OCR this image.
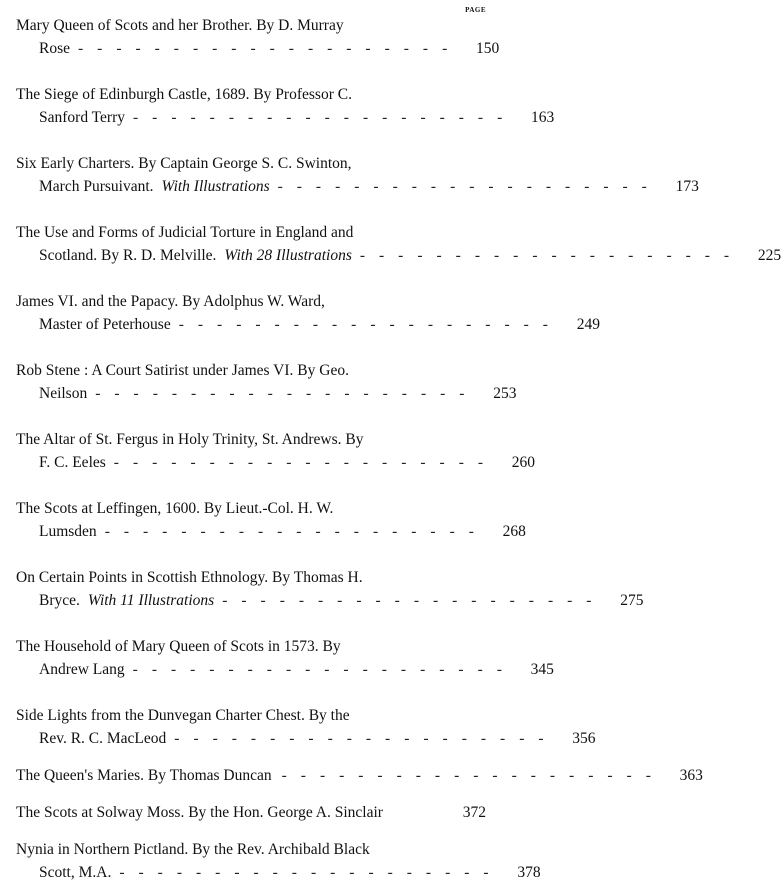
PAGE
Mary Queen of Scots and her Brother. By D. Murray
Rose -------------------- 150
The Siege of Edinburgh Castle, 1689. By Professor C.
Sanford Terry -------------------- 163
Six Early Charters. By Captain George S. C. Swinton,
March Pursuivant. With Illustrations -------------------- 173
The Use and Forms of Judicial Torture in England and
Scotland. By R. D. Melville. With 28 Illustrations -------------------- 225
James VI. and the Papacy. By Adolphus W. Ward,
Master of Peterhouse -------------------- 249
Rob Stene : A Court Satirist under James VI. By Geo.
Neilson -------------------- 253
The Altar of St. Fergus in Holy Trinity, St. Andrews. By
F. C. Eeles -------------------- 260
The Scots at Leffingen, 1600. By Lieut.-Col. H. W.
Lumsden -------------------- 268
On Certain Points in Scottish Ethnology. By Thomas H.
Bryce. With 11 Illustrations -------------------- 275
The Household of Mary Queen of Scots in 1573. By
Andrew Lang -------------------- 345
Side Lights from the Dunvegan Charter Chest. By the
Rev. R. C. MacLeod -------------------- 356
The Queen's Maries. By Thomas Duncan -------------------- 363
The Scots at Solway Moss. By the Hon. George A. Sinclair	372
Nynia in Northern Pictland. By the Rev. Archibald Black
Scott, M.A. -------------------- 378
